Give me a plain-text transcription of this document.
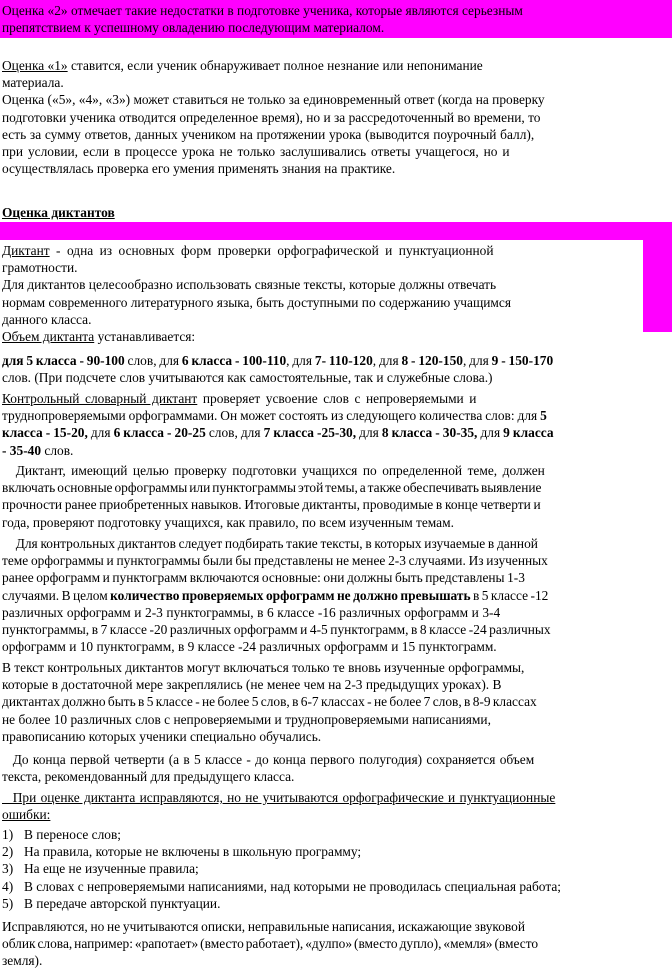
Оценка «2» отмечает такие недостатки в подготовке ученика, которые являются серьезным
препятствием к успешному овладению последующим материалом.
Оценка «1» ставится, если ученик обнаруживает полное незнание или непонимание
материала.
Оценка («5», «4», «3») может ставиться не только за единовременный ответ (когда на проверку
подготовки ученика отводится определенное время), но и за рассредоточенный во времени, то
есть за сумму ответов, данных учеником на протяжении урока (выводится поурочный балл),
при условии, если в процессе урока не только заслушивались ответы учащегося, но и
осуществлялась проверка его умения применять знания на практике.
Оценка диктантов
Диктант - одна из основных форм проверки орфографической и пунктуационной
грамотности.
Для диктантов целесообразно использовать связные тексты, которые должны отвечать
нормам современного литературного языка, быть доступными по содержанию учащимся
данного класса.
Объем диктанта устанавливается:
для 5 класса - 90-100 слов, для 6 класса - 100-110, для 7- 110-120, для 8 - 120-150, для 9 - 150-170
слов. (При подсчете слов учитываются как самостоятельные, так и служебные слова.)
Контрольный словарный диктант проверяет усвоение слов с непроверяемыми и
труднопроверяемыми орфограммами. Он может состоять из следующего количества слов: для 5
класса - 15-20, для 6 класса - 20-25 слов, для 7 класса -25-30, для 8 класса - 30-35, для 9 класса
- 35-40 слов.
Диктант,  имеющий  целью  проверку  подготовки  учащихся  по  определенной  теме,  должен
включать основные орфограммы или пунктограммы этой темы, а также обеспечивать выявление
прочности ранее приобретенных навыков. Итоговые диктанты, проводимые в конце четверти и
года, проверяют подготовку учащихся, как правило, по всем изученным темам.
Для контрольных диктантов следует подбирать такие тексты, в которых изучаемые в данной
теме орфограммы и пунктограммы были бы представлены не менее 2-3 случаями. Из изученных
ранее орфограмм и пунктограмм включаются основные: они должны быть представлены 1-3
случаями. В целом количество проверяемых орфограмм не должно превышать в 5 классе -12
различных орфограмм и 2-3 пунктограммы, в 6 классе -16 различных орфограмм и 3-4
пунктограммы, в 7 классе -20 различных орфограмм и 4-5 пунктограмм, в 8 классе -24 различных
орфограмм и 10 пунктограмм, в 9 классе -24 различных орфограмм и 15 пунктограмм.
В текст контрольных диктантов могут включаться только те вновь изученные орфограммы,
которые в достаточной мере закреплялись (не менее чем на 2-3 предыдущих уроках). В
диктантах должно быть в 5 классе - не более 5 слов, в 6-7 классах - не более 7 слов, в 8-9 классах
не более 10 различных слов с непроверяемыми и труднопроверяемыми написаниями,
правописанию которых ученики специально обучались.
До  конца  первой  четверти  (а  в  5  классе  -  до  конца  первого  полугодия)  сохраняется  объем
текста, рекомендованный для предыдущего класса.
При  оценке  диктанта  исправляются,  но  не  учитываются  орфографические  и  пунктуационные
ошибки:
1) В переносе слов;
2) На правила, которые не включены в школьную программу;
3) На еще не изученные правила;
4) В словах с непроверяемыми написаниями, над которыми не проводилась специальная работа;
5) В передаче авторской пунктуации.
Исправляются, но не учитываются описки, неправильные написания, искажающие звуковой
облик слова, например: «рапотает» (вместо работает), «дулпо» (вместо дупло), «мемля» (вместо
земля).
